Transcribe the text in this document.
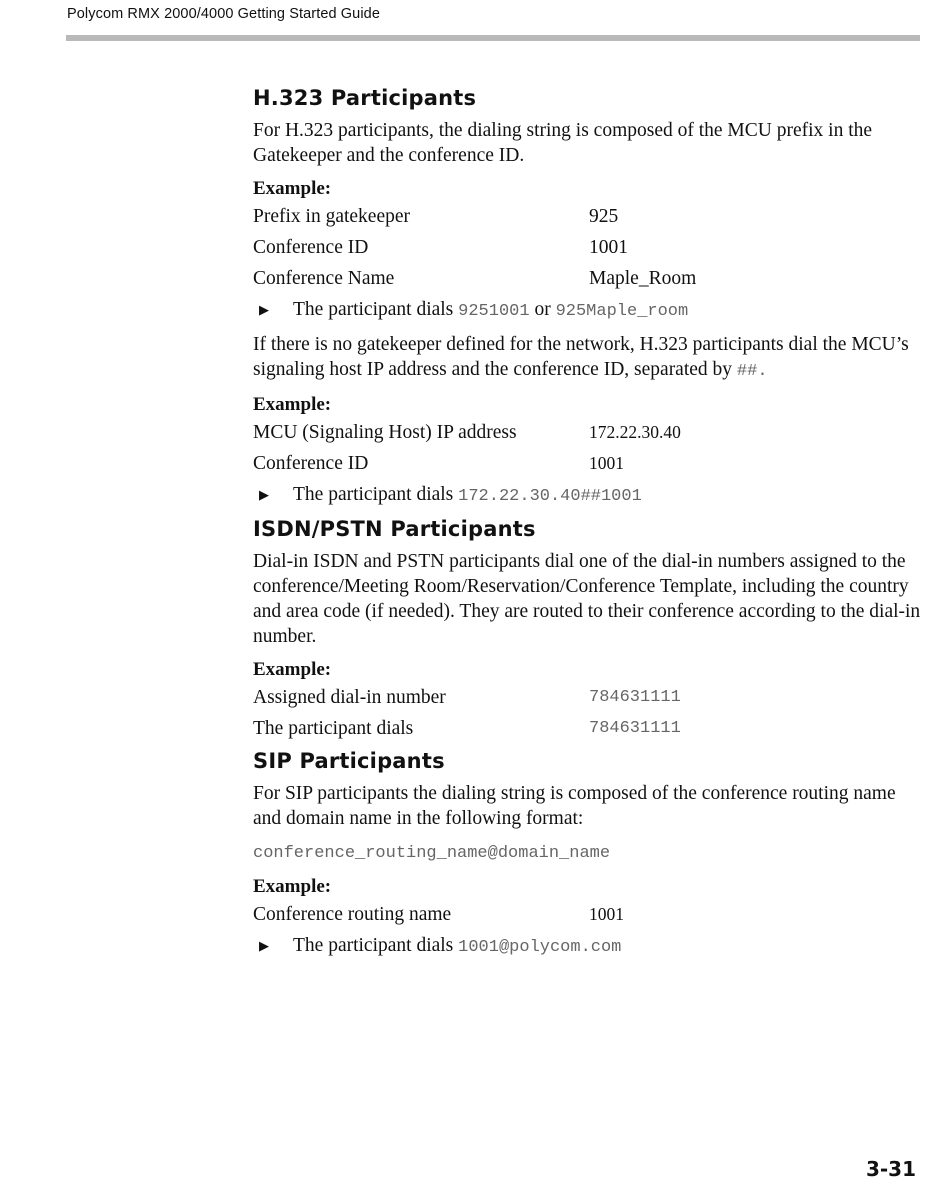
Polycom RMX 2000/4000 Getting Started Guide
H.323 Participants

For H.323 participants, the dialing string is composed of the MCU prefix in the Gatekeeper and the conference ID.

Example:
Prefix in gatekeeper	925
Conference ID	1001
Conference Name	Maple_Room
▶	The participant dials 9251001 or 925Maple_room

If there is no gatekeeper defined for the network, H.323 participants dial the MCU’s signaling host IP address and the conference ID, separated by ##.

Example:
MCU (Signaling Host) IP address	172.22.30.40
Conference ID	1001
▶	The participant dials 172.22.30.40##1001
ISDN/PSTN Participants

Dial-in ISDN and PSTN participants dial one of the dial-in numbers assigned to the conference/Meeting Room/Reservation/Conference Template, including the country and area code (if needed). They are routed to their conference according to the dial-in number.

Example:
Assigned dial-in number	784631111
The participant dials	784631111
SIP Participants

For SIP participants the dialing string is composed of the conference routing name and domain name in the following format:

conference_routing_name@domain_name

Example:
Conference routing name	1001
▶	The participant dials 1001@polycom.com
3-31
